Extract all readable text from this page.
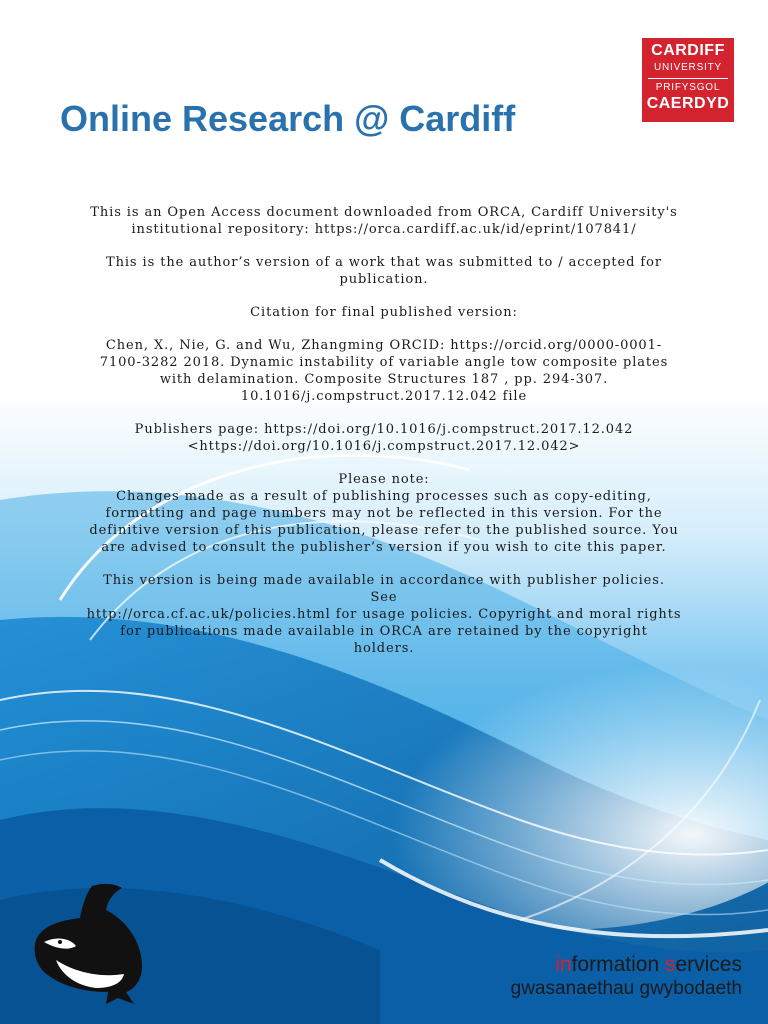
CARDIFF
UNIVERSITY
PRIFYSGOL
CAERDYD
Online Research @ Cardiff

This is an Open Access document downloaded from ORCA, Cardiff University's
institutional repository: https://orca.cardiff.ac.uk/id/eprint/107841/

This is the author’s version of a work that was submitted to / accepted for
publication.

Citation for final published version:

Chen, X., Nie, G. and Wu, Zhangming ORCID: https://orcid.org/0000-0001-
7100-3282 2018. Dynamic instability of variable angle tow composite plates
with delamination. Composite Structures 187 , pp. 294-307.
10.1016/j.compstruct.2017.12.042 file

Publishers page: https://doi.org/10.1016/j.compstruct.2017.12.042
<https://doi.org/10.1016/j.compstruct.2017.12.042>

Please note:
Changes made as a result of publishing processes such as copy-editing,
formatting and page numbers may not be reflected in this version. For the
definitive version of this publication, please refer to the published source. You
are advised to consult the publisher’s version if you wish to cite this paper.

This version is being made available in accordance with publisher policies.
See
http://orca.cf.ac.uk/policies.html for usage policies. Copyright and moral rights
for publications made available in ORCA are retained by the copyright
holders.

information services
gwasanaethau gwybodaeth
